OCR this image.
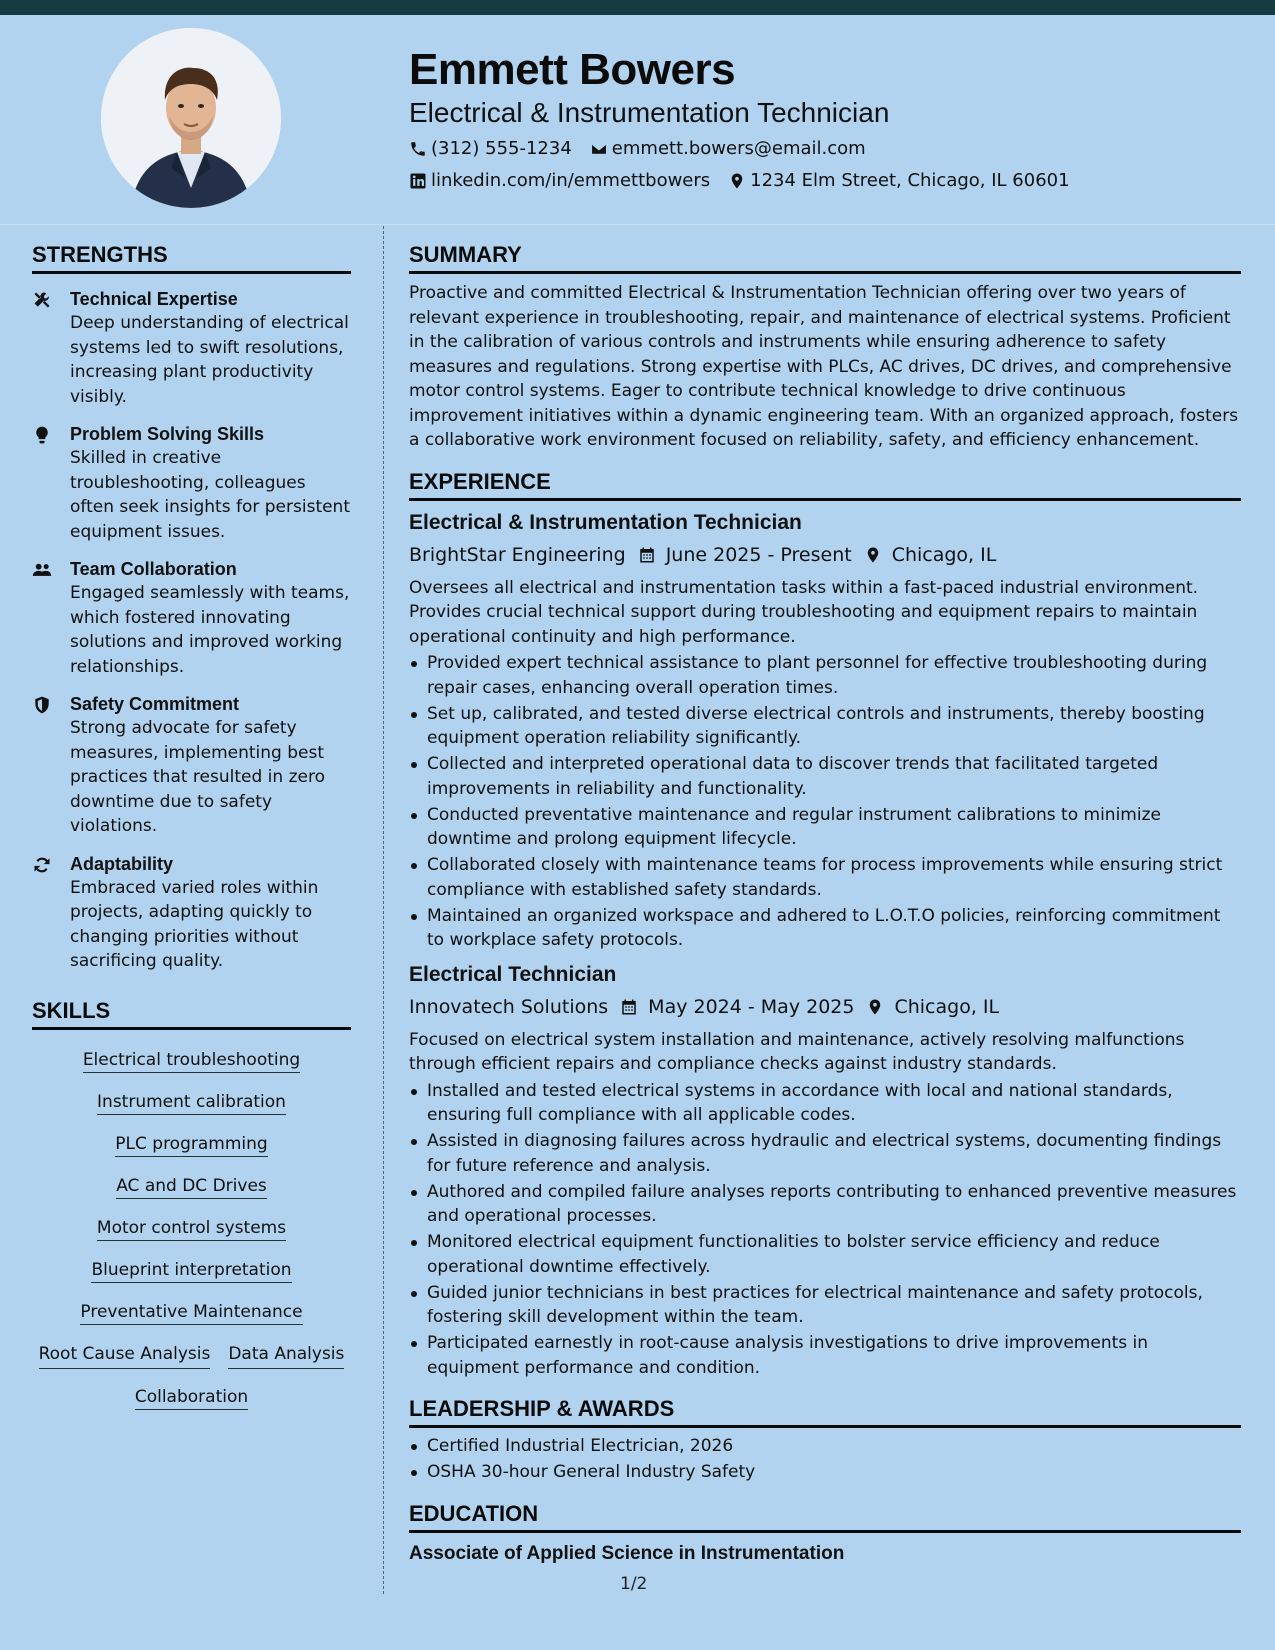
Emmett Bowers
Electrical & Instrumentation Technician
(312) 555-1234 emmett.bowers@email.com
linkedin.com/in/emmettbowers 1234 Elm Street, Chicago, IL 60601
STRENGTHS
Technical Expertise
Deep understanding of electrical systems led to swift resolutions, increasing plant productivity visibly.
Problem Solving Skills
Skilled in creative troubleshooting, colleagues often seek insights for persistent equipment issues.
Team Collaboration
Engaged seamlessly with teams, which fostered innovating solutions and improved working relationships.
Safety Commitment
Strong advocate for safety measures, implementing best practices that resulted in zero downtime due to safety violations.
Adaptability
Embraced varied roles within projects, adapting quickly to changing priorities without sacrificing quality.
SKILLS
Electrical troubleshooting
Instrument calibration
PLC programming
AC and DC Drives
Motor control systems
Blueprint interpretation
Preventative Maintenance
Root Cause Analysis Data Analysis
Collaboration
SUMMARY
Proactive and committed Electrical & Instrumentation Technician offering over two years of relevant experience in troubleshooting, repair, and maintenance of electrical systems. Proficient in the calibration of various controls and instruments while ensuring adherence to safety measures and regulations. Strong expertise with PLCs, AC drives, DC drives, and comprehensive motor control systems. Eager to contribute technical knowledge to drive continuous improvement initiatives within a dynamic engineering team. With an organized approach, fosters a collaborative work environment focused on reliability, safety, and efficiency enhancement.
EXPERIENCE
Electrical & Instrumentation Technician
BrightStar Engineering June 2025 - Present Chicago, IL
Oversees all electrical and instrumentation tasks within a fast-paced industrial environment. Provides crucial technical support during troubleshooting and equipment repairs to maintain operational continuity and high performance.
Provided expert technical assistance to plant personnel for effective troubleshooting during repair cases, enhancing overall operation times.
Set up, calibrated, and tested diverse electrical controls and instruments, thereby boosting equipment operation reliability significantly.
Collected and interpreted operational data to discover trends that facilitated targeted improvements in reliability and functionality.
Conducted preventative maintenance and regular instrument calibrations to minimize downtime and prolong equipment lifecycle.
Collaborated closely with maintenance teams for process improvements while ensuring strict compliance with established safety standards.
Maintained an organized workspace and adhered to L.O.T.O policies, reinforcing commitment to workplace safety protocols.
Electrical Technician
Innovatech Solutions May 2024 - May 2025 Chicago, IL
Focused on electrical system installation and maintenance, actively resolving malfunctions through efficient repairs and compliance checks against industry standards.
Installed and tested electrical systems in accordance with local and national standards, ensuring full compliance with all applicable codes.
Assisted in diagnosing failures across hydraulic and electrical systems, documenting findings for future reference and analysis.
Authored and compiled failure analyses reports contributing to enhanced preventive measures and operational processes.
Monitored electrical equipment functionalities to bolster service efficiency and reduce operational downtime effectively.
Guided junior technicians in best practices for electrical maintenance and safety protocols, fostering skill development within the team.
Participated earnestly in root-cause analysis investigations to drive improvements in equipment performance and condition.
LEADERSHIP & AWARDS
Certified Industrial Electrician, 2026
OSHA 30-hour General Industry Safety
EDUCATION
Associate of Applied Science in Instrumentation
1/2
